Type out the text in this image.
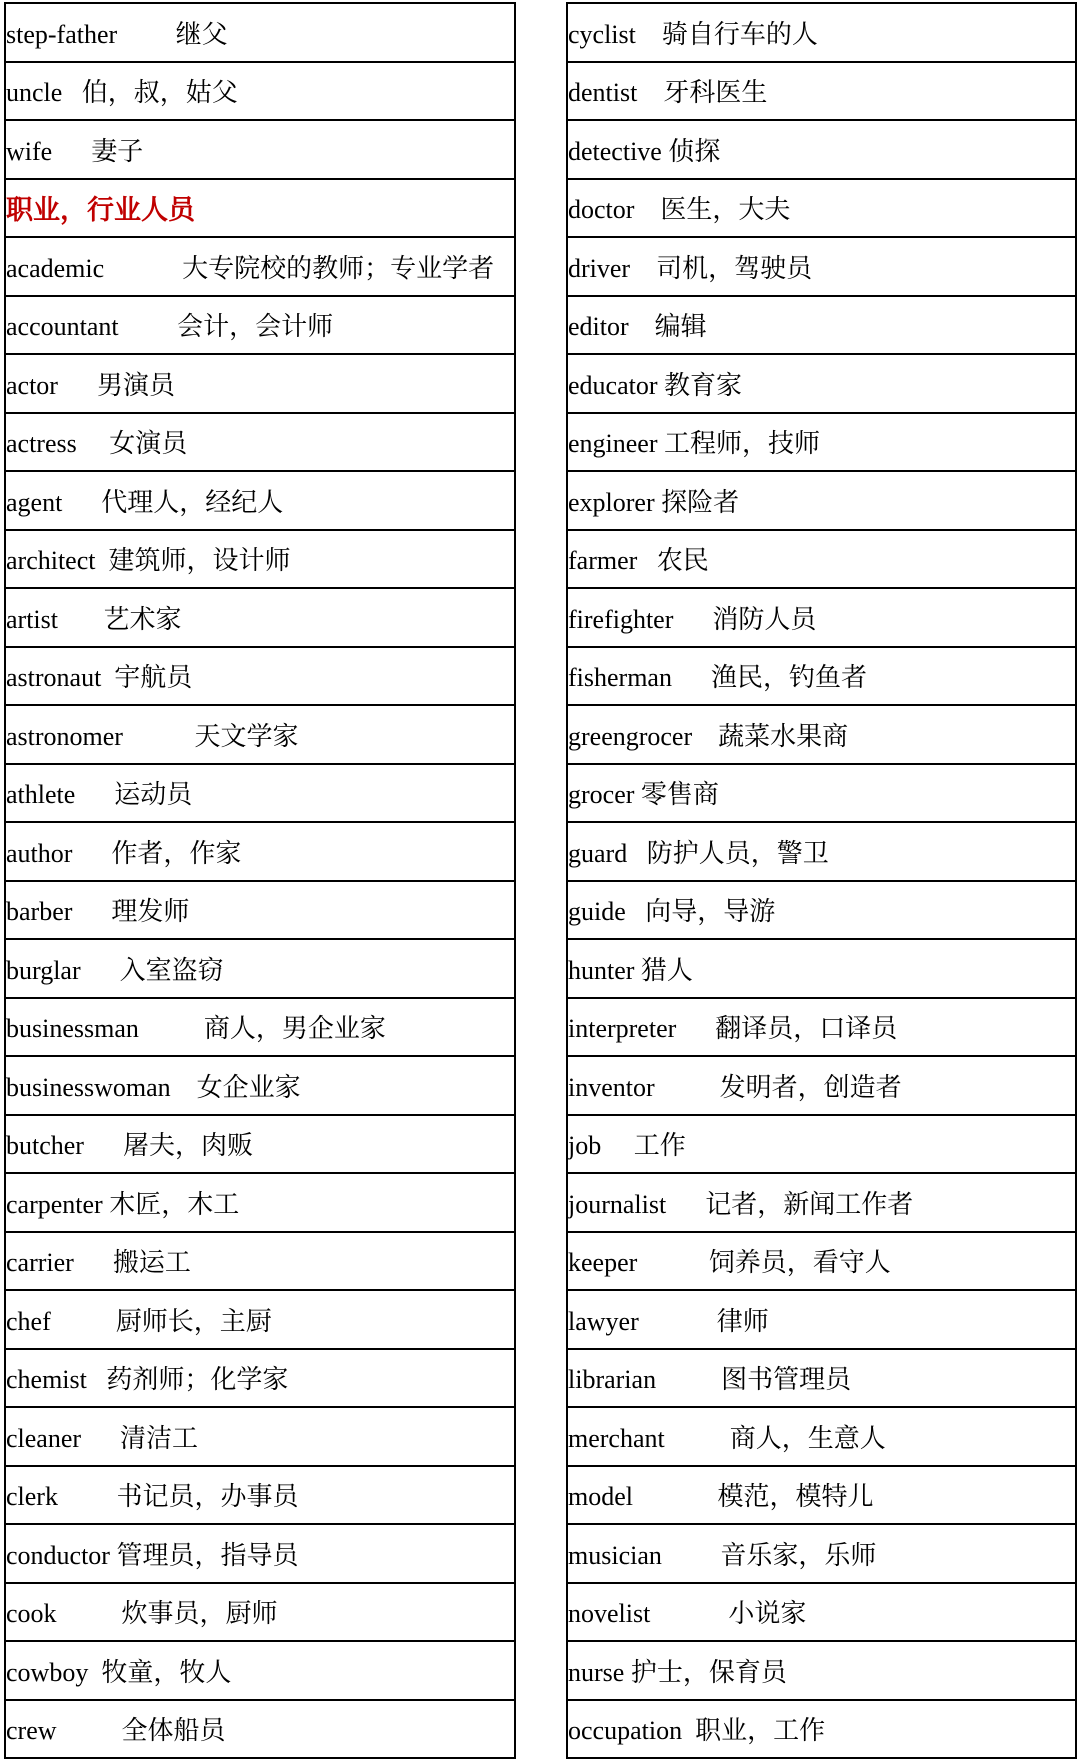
step-father         继父
uncle   伯，叔，姑父
wife      妻子
职业，行业人员
academic            大专院校的教师；专业学者
accountant         会计，会计师
actor      男演员
actress     女演员
agent      代理人，经纪人
architect  建筑师，设计师
artist       艺术家
astronaut  宇航员
astronomer           天文学家
athlete      运动员
author      作者，作家
barber      理发师
burglar      入室盗窃
businessman          商人，男企业家
businesswoman    女企业家
butcher      屠夫，肉贩
carpenter 木匠，木工
carrier      搬运工
chef          厨师长，主厨
chemist   药剂师；化学家
cleaner      清洁工
clerk         书记员，办事员
conductor 管理员，指导员
cook          炊事员，厨师
cowboy  牧童，牧人
crew          全体船员
cyclist    骑自行车的人
dentist    牙科医生
detective 侦探
doctor    医生，大夫
driver    司机，驾驶员
editor    编辑
educator 教育家
engineer 工程师，技师
explorer 探险者
farmer   农民
firefighter      消防人员
fisherman      渔民，钓鱼者
greengrocer    蔬菜水果商
grocer 零售商
guard   防护人员，警卫
guide   向导，导游
hunter 猎人
interpreter      翻译员，口译员
inventor          发明者，创造者
job     工作
journalist      记者，新闻工作者
keeper           饲养员，看守人
lawyer            律师
librarian          图书管理员
merchant          商人，生意人
model             模范，模特儿
musician         音乐家，乐师
novelist            小说家
nurse 护士，保育员
occupation  职业，工作
